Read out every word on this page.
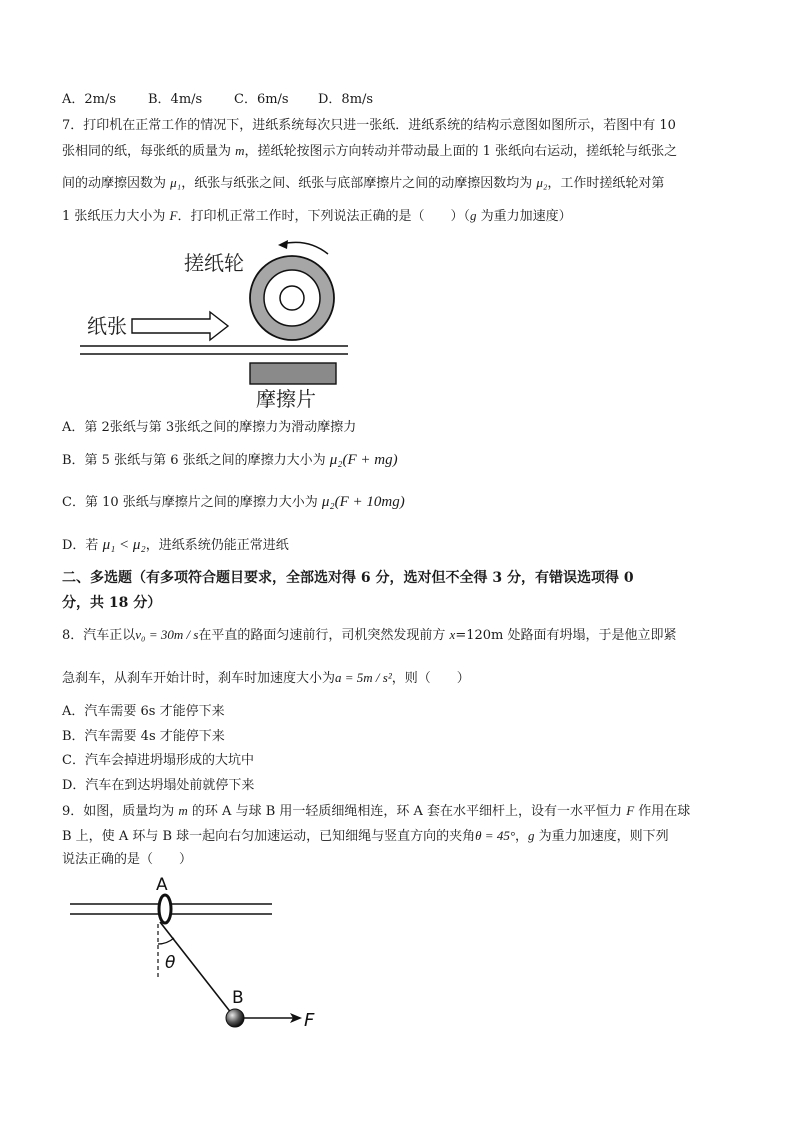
A．2m/s B．4m/s C．6m/s D．8m/s
7．打印机在正常工作的情况下，进纸系统每次只进一张纸．进纸系统的结构示意图如图所示，若图中有 10
张相同的纸，每张纸的质量为 m，搓纸轮按图示方向转动并带动最上面的 1 张纸向右运动，搓纸轮与纸张之
间的动摩擦因数为 μ₁，纸张与纸张之间、纸张与底部摩擦片之间的动摩擦因数均为 μ₂，工作时搓纸轮对第
1 张纸压力大小为 F．打印机正常工作时，下列说法正确的是（　　）（g 为重力加速度）
搓纸轮
纸张
摩擦片
A．第 2张纸与第 3张纸之间的摩擦力为滑动摩擦力
B．第 5 张纸与第 6 张纸之间的摩擦力大小为 μ₂(F + mg)
C．第 10 张纸与摩擦片之间的摩擦力大小为 μ₂(F + 10mg)
D．若 μ₁ < μ₂，进纸系统仍能正常进纸
二、多选题（有多项符合题目要求，全部选对得 6 分，选对但不全得 3 分，有错误选项得 0
分，共 18 分）
8．汽车正以v₀ = 30m / s在平直的路面匀速前行，司机突然发现前方 x=120m 处路面有坍塌，于是他立即紧
急刹车，从刹车开始计时，刹车时加速度大小为a = 5m / s²，则（　　）
A．汽车需要 6s 才能停下来
B．汽车需要 4s 才能停下来
C．汽车会掉进坍塌形成的大坑中
D．汽车在到达坍塌处前就停下来
9．如图，质量均为 m 的环 A 与球 B 用一轻质细绳相连，环 A 套在水平细杆上，设有一水平恒力 F 作用在球
B 上，使 A 环与 B 球一起向右匀加速运动，已知细绳与竖直方向的夹角θ = 45°，g 为重力加速度，则下列
说法正确的是（　　）
A
θ
B
F
